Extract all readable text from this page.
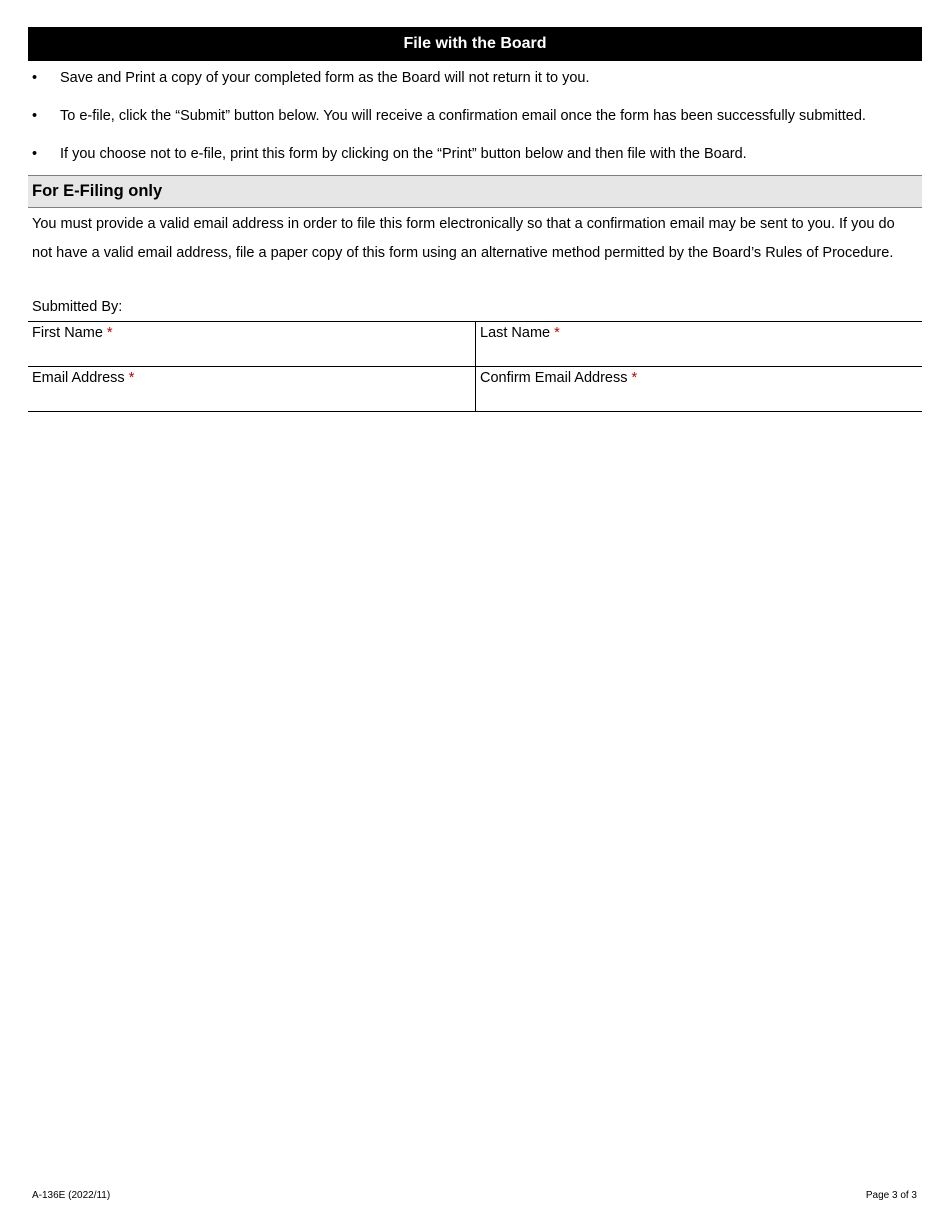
File with the Board
• Save and Print a copy of your completed form as the Board will not return it to you.
• To e-file, click the “Submit” button below. You will receive a confirmation email once the form has been successfully submitted.
• If you choose not to e-file, print this form by clicking on the “Print” button below and then file with the Board.
For E-Filing only
You must provide a valid email address in order to file this form electronically so that a confirmation email may be sent to you. If you do not have a valid email address, file a paper copy of this form using an alternative method permitted by the Board’s Rules of Procedure.
Submitted By:
First Name *	Last Name *
Email Address *	Confirm Email Address *
A-136E (2022/11)	Page 3 of 3
